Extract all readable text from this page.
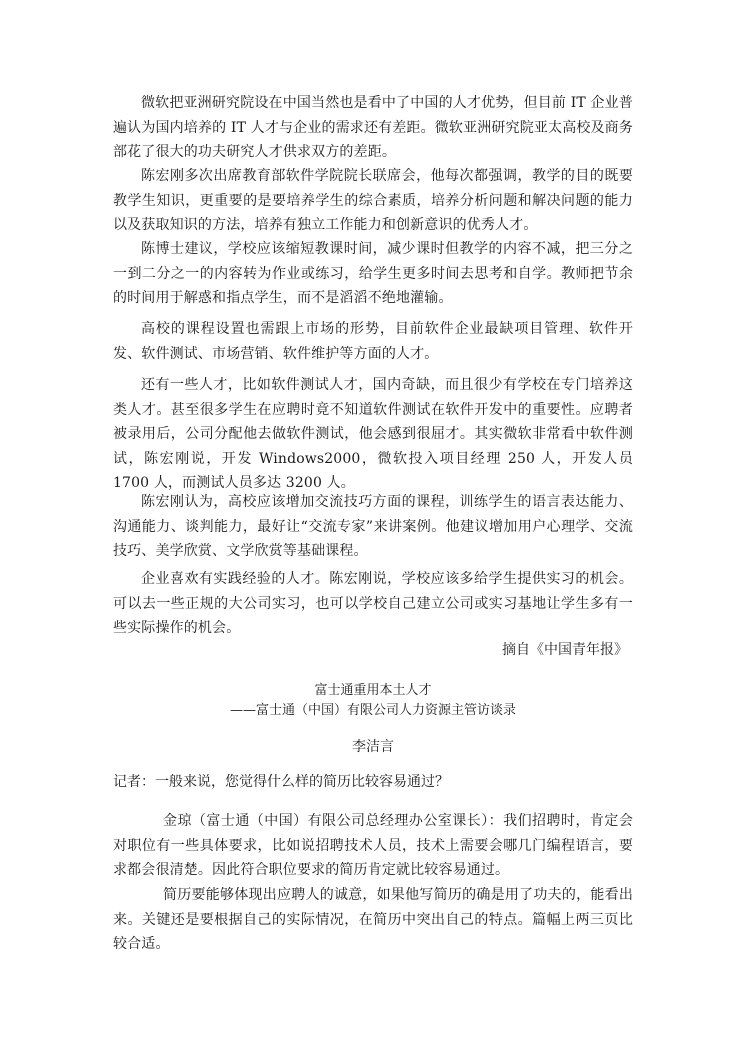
微软把亚洲研究院设在中国当然也是看中了中国的人才优势，但目前 IT 企业普遍认为国内培养的 IT 人才与企业的需求还有差距。微软亚洲研究院亚太高校及商务部花了很大的功夫研究人才供求双方的差距。

陈宏刚多次出席教育部软件学院院长联席会，他每次都强调，教学的目的既要教学生知识，更重要的是要培养学生的综合素质，培养分析问题和解决问题的能力以及获取知识的方法，培养有独立工作能力和创新意识的优秀人才。

陈博士建议，学校应该缩短教课时间，减少课时但教学的内容不减，把三分之一到二分之一的内容转为作业或练习，给学生更多时间去思考和自学。教师把节余的时间用于解惑和指点学生，而不是滔滔不绝地灌输。

高校的课程设置也需跟上市场的形势，目前软件企业最缺项目管理、软件开发、软件测试、市场营销、软件维护等方面的人才。

还有一些人才，比如软件测试人才，国内奇缺，而且很少有学校在专门培养这类人才。甚至很多学生在应聘时竟不知道软件测试在软件开发中的重要性。应聘者被录用后，公司分配他去做软件测试，他会感到很屈才。其实微软非常看中软件测试，陈宏刚说，开发 Windows2000，微软投入项目经理 250 人，开发人员 1700 人，而测试人员多达 3200 人。

陈宏刚认为，高校应该增加交流技巧方面的课程，训练学生的语言表达能力、沟通能力、谈判能力，最好让“交流专家”来讲案例。他建议增加用户心理学、交流技巧、美学欣赏、文学欣赏等基础课程。

企业喜欢有实践经验的人才。陈宏刚说，学校应该多给学生提供实习的机会。可以去一些正规的大公司实习，也可以学校自己建立公司或实习基地让学生多有一些实际操作的机会。

摘自《中国青年报》
富士通重用本土人才
——富士通（中国）有限公司人力资源主管访谈录
李洁言
记者：一般来说，您觉得什么样的简历比较容易通过？

金琼（富士通（中国）有限公司总经理办公室课长）：我们招聘时，肯定会对职位有一些具体要求，比如说招聘技术人员，技术上需要会哪几门编程语言，要求都会很清楚。因此符合职位要求的简历肯定就比较容易通过。

简历要能够体现出应聘人的诚意，如果他写简历的确是用了功夫的，能看出来。关键还是要根据自己的实际情况，在简历中突出自己的特点。篇幅上两三页比较合适。
